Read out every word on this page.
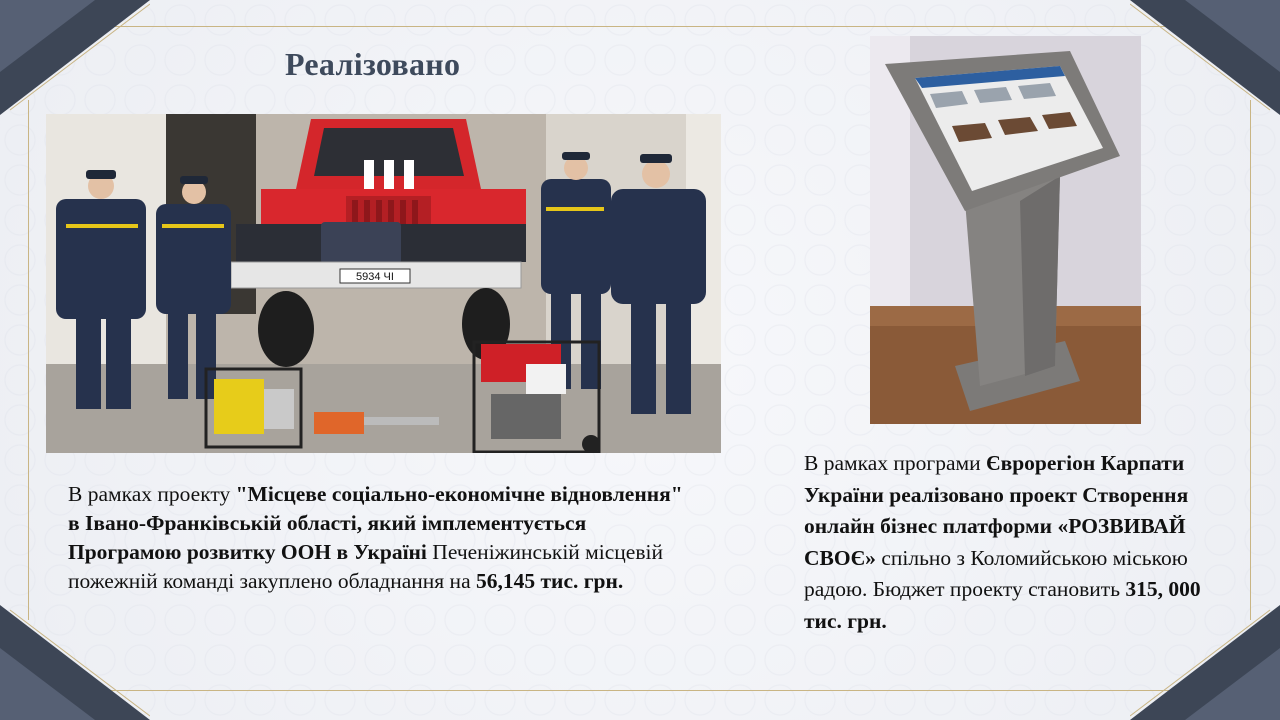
Реалізовано
5934 ЧІ
В рамках проекту "Місцеве соціально-економічне відновлення" в Івано-Франківській області, який імплементується Програмою розвитку ООН в Україні Печеніжинській місцевій пожежній команді закуплено обладнання на 56,145 тис. грн.
В рамках програми Єврорегіон Карпати України реалізовано проект Створення онлайн бізнес платформи «РОЗВИВАЙ СВОЄ» спільно з Коломийською міською радою. Бюджет проекту становить 315, 000 тис. грн.
